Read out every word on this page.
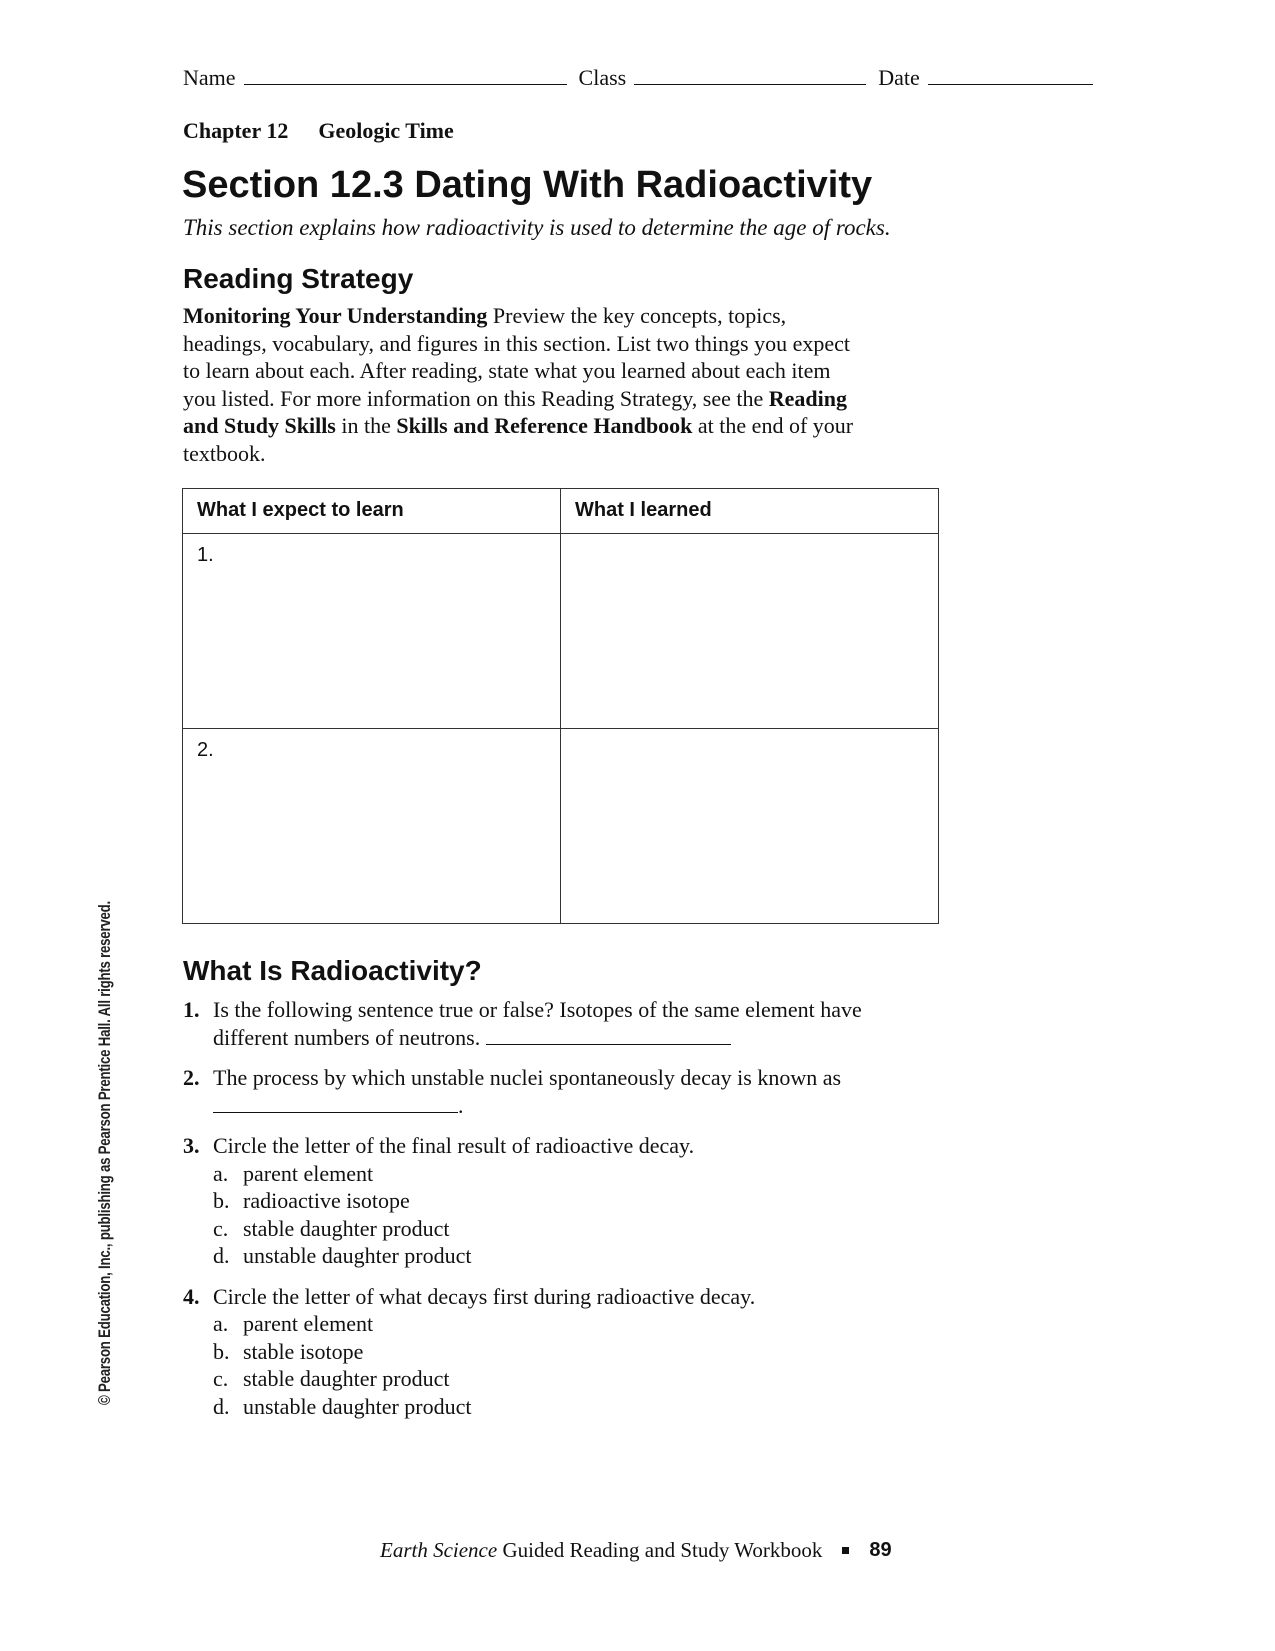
Name	Class	Date
Chapter 12 Geologic Time
Section 12.3 Dating With Radioactivity

This section explains how radioactivity is used to determine the age of rocks.

Reading Strategy

Monitoring Your Understanding Preview the key concepts, topics, headings, vocabulary, and figures in this section. List two things you expect to learn about each. After reading, state what you learned about each item you listed. For more information on this Reading Strategy, see the Reading and Study Skills in the Skills and Reference Handbook at the end of your textbook.

What I expect to learn	What I learned
1.	
2.	
What Is Radioactivity?
1. Is the following sentence true or false? Isotopes of the same element have different numbers of neutrons.
2. The process by which unstable nuclei spontaneously decay is known as .
3. Circle the letter of the final result of radioactive decay.
a. parent element
b. radioactive isotope
c. stable daughter product
d. unstable daughter product
4. Circle the letter of what decays first during radioactive decay.
a. parent element
b. stable isotope
c. stable daughter product
d. unstable daughter product
© Pearson Education, Inc., publishing as Pearson Prentice Hall. All rights reserved.
Earth Science Guided Reading and Study Workbook 89
